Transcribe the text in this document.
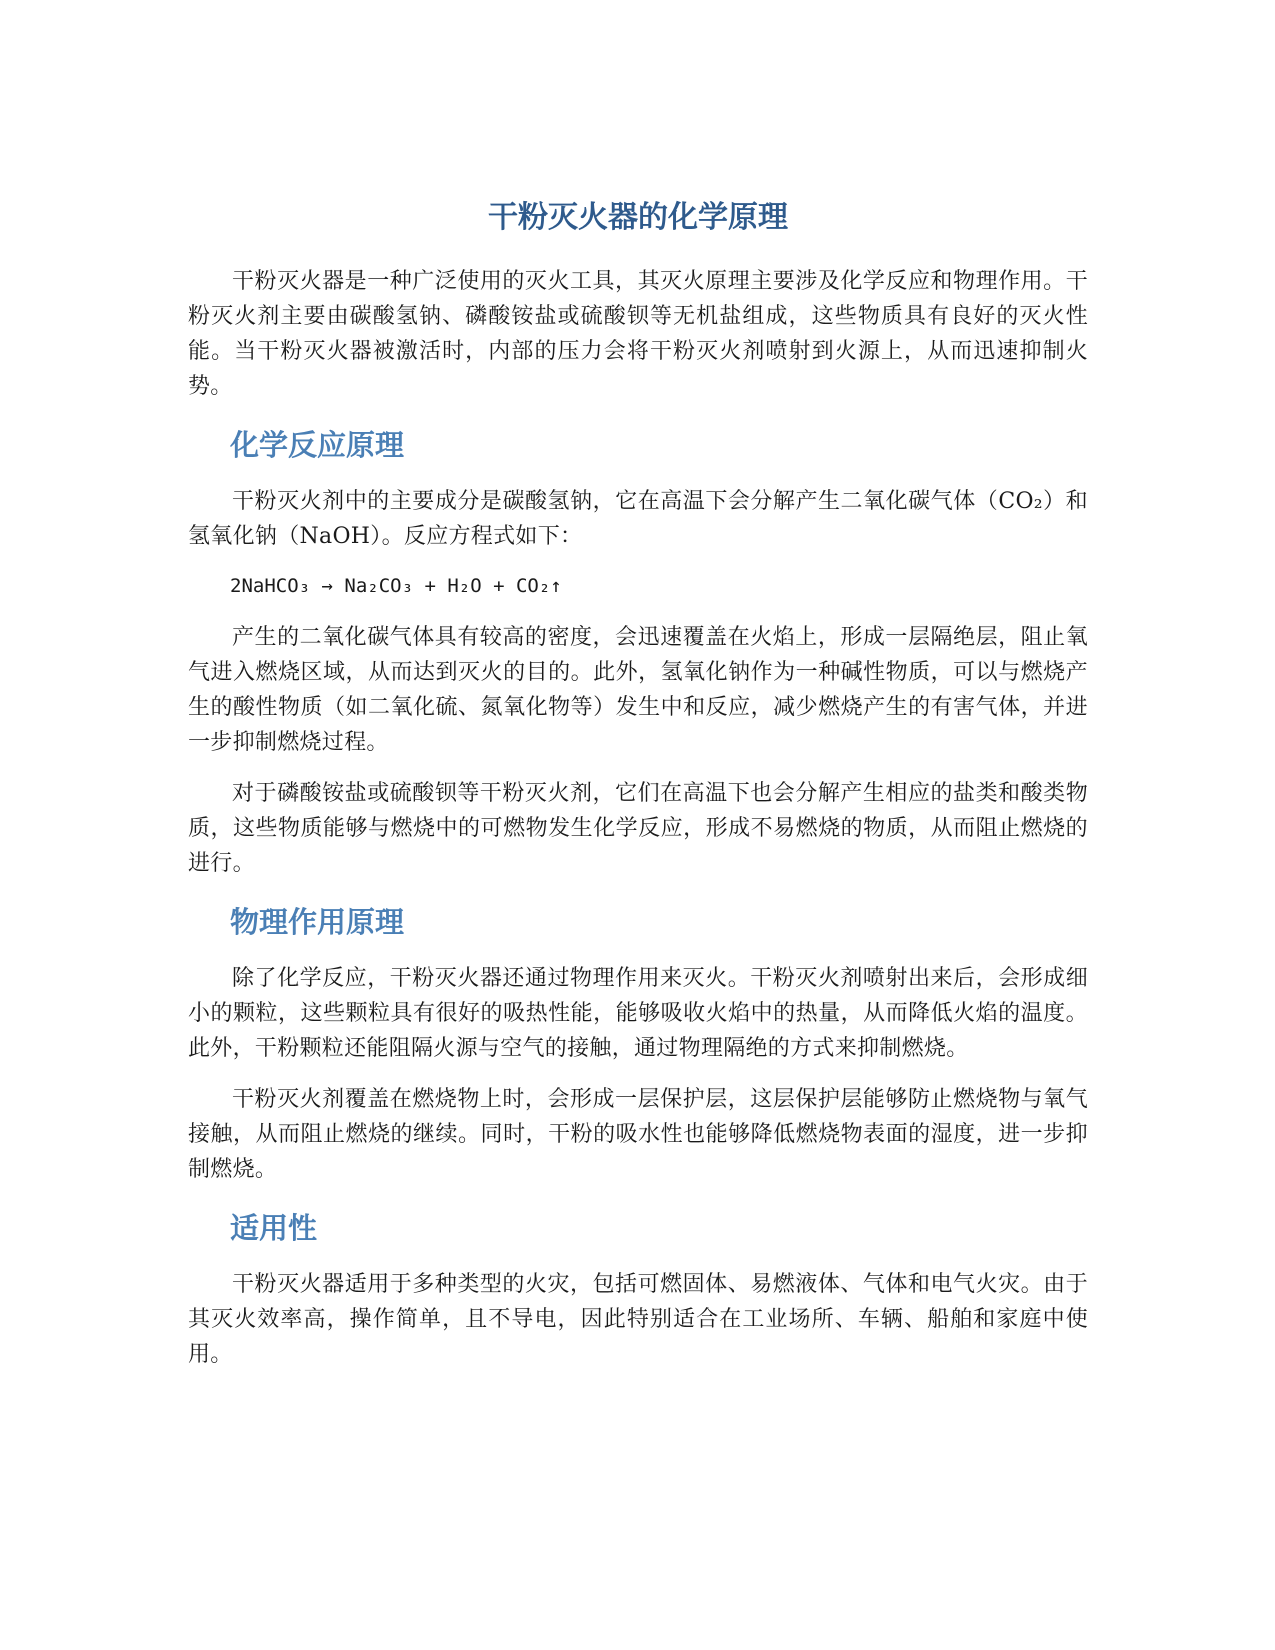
干粉灭火器的化学原理

干粉灭火器是一种广泛使用的灭火工具，其灭火原理主要涉及化学反应和物理作用。干粉灭火剂主要由碳酸氢钠、磷酸铵盐或硫酸钡等无机盐组成，这些物质具有良好的灭火性能。当干粉灭火器被激活时，内部的压力会将干粉灭火剂喷射到火源上，从而迅速抑制火势。

化学反应原理

干粉灭火剂中的主要成分是碳酸氢钠，它在高温下会分解产生二氧化碳气体（CO₂）和氢氧化钠（NaOH）。反应方程式如下：

2NaHCO₃ → Na₂CO₃ + H₂O + CO₂↑

产生的二氧化碳气体具有较高的密度，会迅速覆盖在火焰上，形成一层隔绝层，阻止氧气进入燃烧区域，从而达到灭火的目的。此外，氢氧化钠作为一种碱性物质，可以与燃烧产生的酸性物质（如二氧化硫、氮氧化物等）发生中和反应，减少燃烧产生的有害气体，并进一步抑制燃烧过程。

对于磷酸铵盐或硫酸钡等干粉灭火剂，它们在高温下也会分解产生相应的盐类和酸类物质，这些物质能够与燃烧中的可燃物发生化学反应，形成不易燃烧的物质，从而阻止燃烧的进行。

物理作用原理

除了化学反应，干粉灭火器还通过物理作用来灭火。干粉灭火剂喷射出来后，会形成细小的颗粒，这些颗粒具有很好的吸热性能，能够吸收火焰中的热量，从而降低火焰的温度。此外，干粉颗粒还能阻隔火源与空气的接触，通过物理隔绝的方式来抑制燃烧。

干粉灭火剂覆盖在燃烧物上时，会形成一层保护层，这层保护层能够防止燃烧物与氧气接触，从而阻止燃烧的继续。同时，干粉的吸水性也能够降低燃烧物表面的湿度，进一步抑制燃烧。

适用性

干粉灭火器适用于多种类型的火灾，包括可燃固体、易燃液体、气体和电气火灾。由于其灭火效率高，操作简单，且不导电，因此特别适合在工业场所、车辆、船舶和家庭中使用。
